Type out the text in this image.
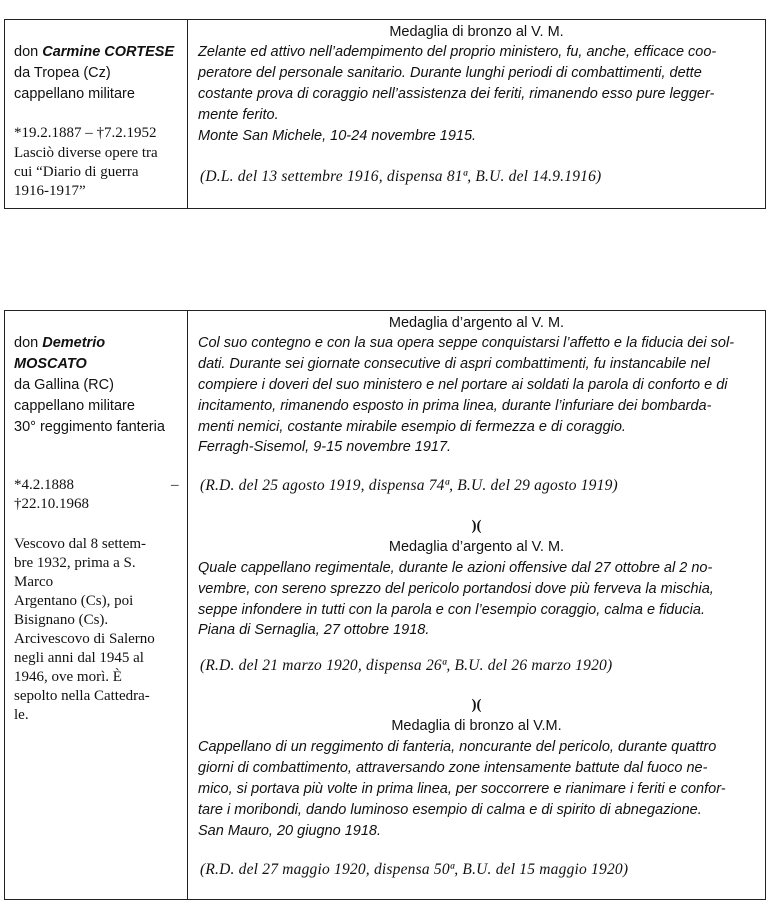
don Carmine CORTESE
da Tropea (Cz)
cappellano militare
*19.2.1887 – †7.2.1952
Lasciò diverse opere tra
cui “Diario di guerra
1916-1917”
Medaglia di bronzo al V. M.
Zelante ed attivo nell’adempimento del proprio ministero, fu, anche, efficace coo-
peratore del personale sanitario. Durante lunghi periodi di combattimenti, dette
costante prova di coraggio nell’assistenza dei feriti, rimanendo esso pure legger-
mente ferito.
Monte San Michele, 10-24 novembre 1915.
(D.L. del 13 settembre 1916, dispensa 81ª, B.U. del 14.9.1916)
don Demetrio
MOSCATO
da Gallina (RC)
cappellano militare
30° reggimento fanteria
*4.2.1888	–
†22.10.1968
Vescovo dal 8 settem-
bre 1932, prima a S.
Marco
Argentano (Cs), poi
Bisignano (Cs).
Arcivescovo di Salerno
negli anni dal 1945 al
1946, ove morì. È
sepolto nella Cattedra-
le.
Medaglia d’argento al V. M.
Col suo contegno e con la sua opera seppe conquistarsi l’affetto e la fiducia dei sol-
dati. Durante sei giornate consecutive di aspri combattimenti, fu instancabile nel
compiere i doveri del suo ministero e nel portare ai soldati la parola di conforto e di
incitamento, rimanendo esposto in prima linea, durante l’infuriare dei bombarda-
menti nemici, costante mirabile esempio di fermezza e di coraggio.
Ferragh-Sisemol, 9-15 novembre 1917.
(R.D. del 25 agosto 1919, dispensa 74ª, B.U. del 29 agosto 1919)
)(
Medaglia d’argento al V. M.
Quale cappellano regimentale, durante le azioni offensive dal 27 ottobre al 2 no-
vembre, con sereno sprezzo del pericolo portandosi dove più ferveva la mischia,
seppe infondere in tutti con la parola e con l’esempio coraggio, calma e fiducia.
Piana di Sernaglia, 27 ottobre 1918.
(R.D. del 21 marzo 1920, dispensa 26ª, B.U. del 26 marzo 1920)
)(
Medaglia di bronzo al V.M.
Cappellano di un reggimento di fanteria, noncurante del pericolo, durante quattro
giorni di combattimento, attraversando zone intensamente battute dal fuoco ne-
mico, si portava più volte in prima linea, per soccorrere e rianimare i feriti e confor-
tare i moribondi, dando luminoso esempio di calma e di spirito di abnegazione.
San Mauro, 20 giugno 1918.
(R.D. del 27 maggio 1920, dispensa 50ª, B.U. del 15 maggio 1920)
